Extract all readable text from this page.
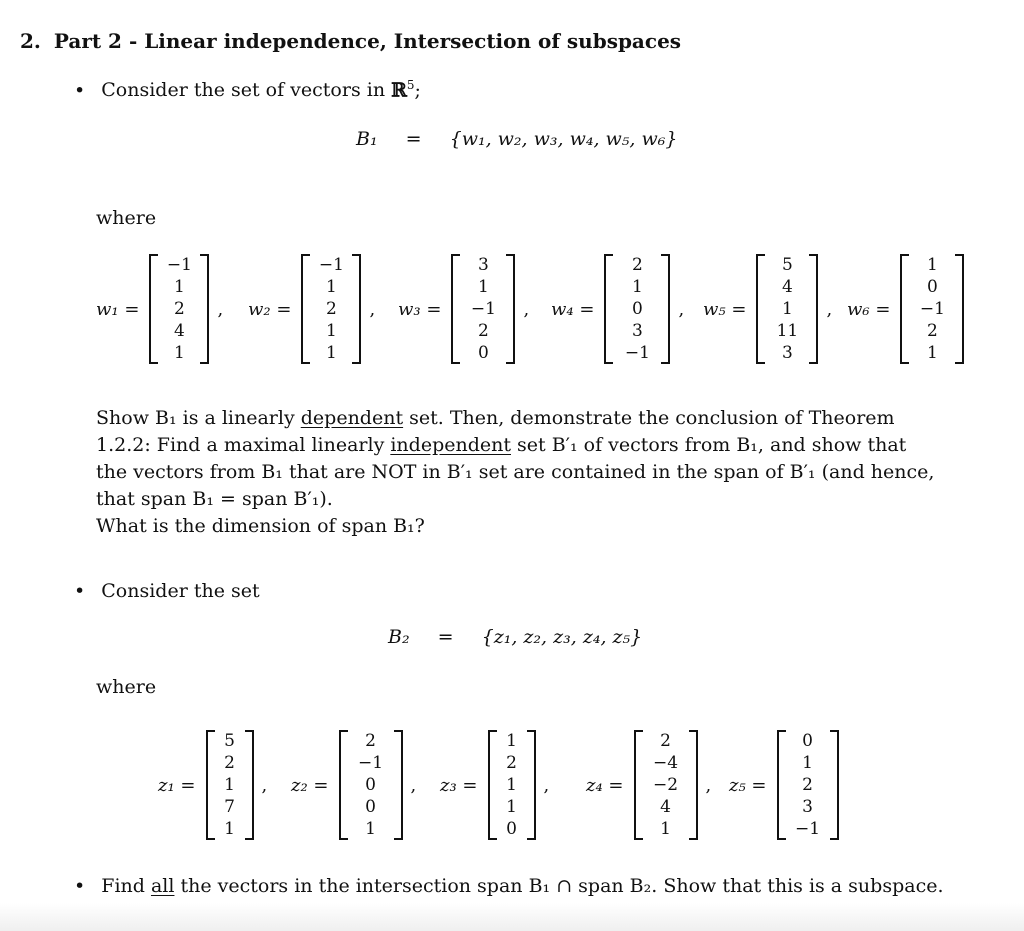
2. Part 2 - Linear independence, Intersection of subspaces
• Consider the set of vectors in ℝ$^5$;
B₁ = {w₁, w₂, w₃, w₄, w₅, w₆}
where
w₁ =
−1
1
2
4
1
, w₂ =
−1
1
2
1
1
, w₃ =
3
1
−1
2
0
, w₄ =
2
1
0
3
−1
, w₅ =
5
4
1
11
3
, w₆ =
1
0
−1
2
1
Show B₁ is a linearly dependent set. Then, demonstrate the conclusion of Theorem
1.2.2: Find a maximal linearly independent set B′₁ of vectors from B₁, and show that
the vectors from B₁ that are NOT in B′₁ set are contained in the span of B′₁ (and hence,
that span B₁ = span B′₁).
What is the dimension of span B₁?
• Consider the set
B₂ = {z₁, z₂, z₃, z₄, z₅}
where
z₁ =
5
2
1
7
1
, z₂ =
2
−1
0
0
1
, z₃ =
1
2
1
1
0
, z₄ =
2
−4
−2
4
1
, z₅ =
0
1
2
3
−1
• Find all the vectors in the intersection span B₁ ∩ span B₂. Show that this is a subspace.
